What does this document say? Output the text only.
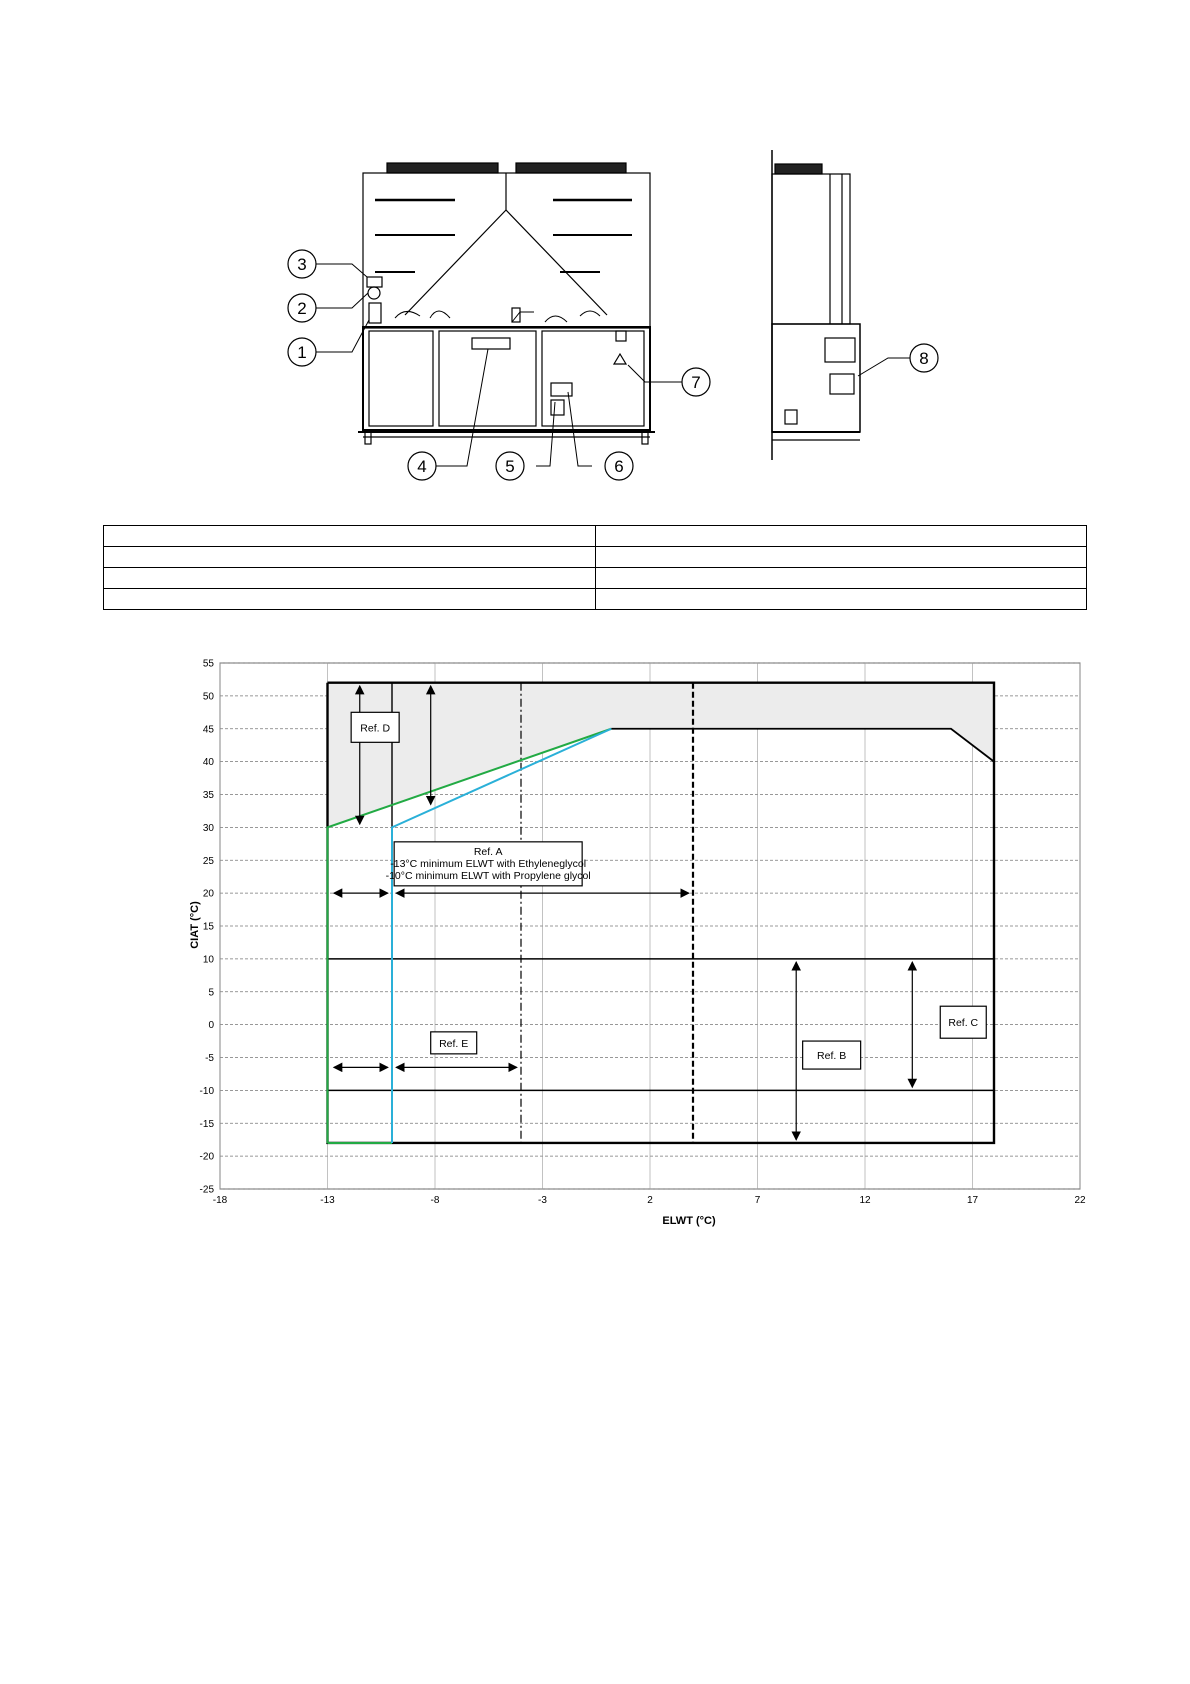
3
2
1
4	5	6
7
8

Ref. A
-13°C minimum ELWT with Ethyleneglycol
-10°C minimum ELWT with Propylene glycol
Ref. D
Ref. E
Ref. B
Ref. C
55
50
45
40
35
30
25
20
15
10
5
0
-5
-10
-15
-20
-25
-18	-13	-8	-3	2	7	12	17	22
ELWT (°C)
CIAT (°C)
